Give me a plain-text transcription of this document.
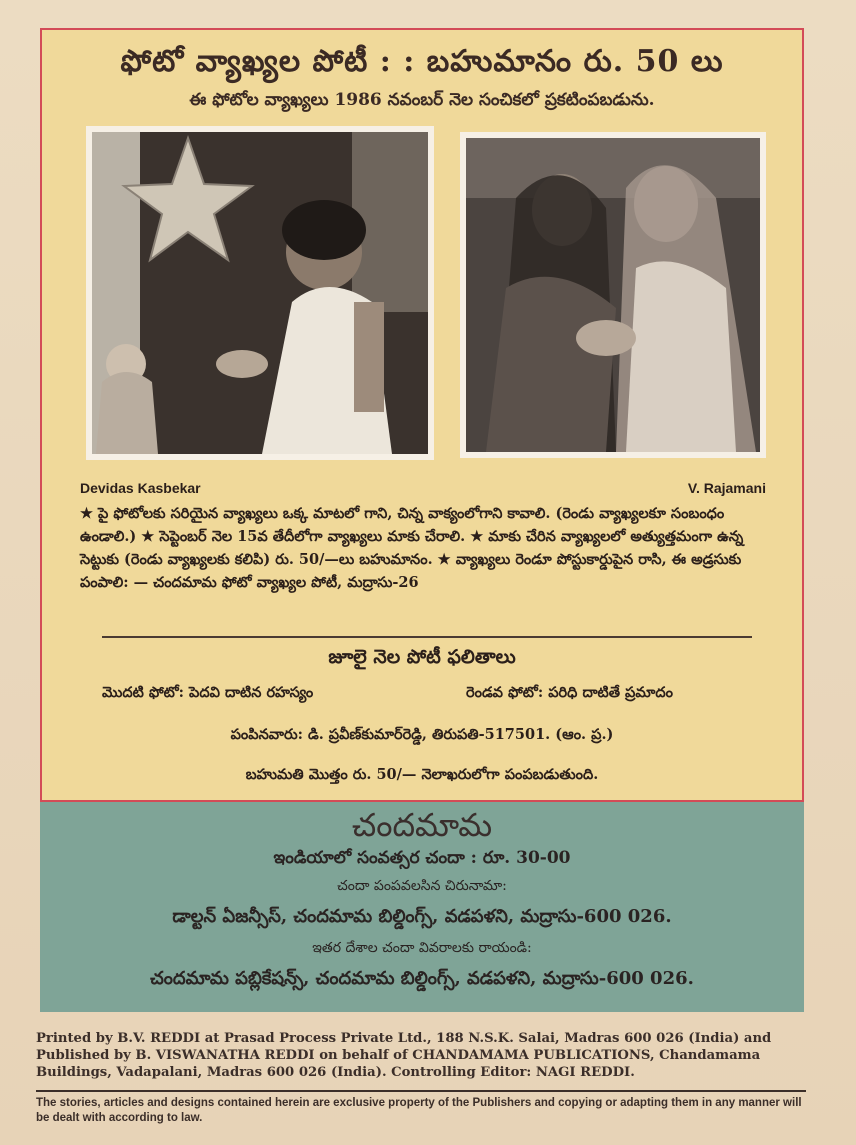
ఫోటో వ్యాఖ్యల పోటీ : : బహుమానం రు. 50 లు
ఈ ఫోటోల వ్యాఖ్యలు 1986 నవంబర్ నెల సంచికలో ప్రకటింపబడును.
Devidas Kasbekar	V. Rajamani
★ పై ఫోటోలకు సరియైన వ్యాఖ్యలు ఒక్క మాటలో గాని, చిన్న వాక్యంలోగాని కావాలి. (రెండు వ్యాఖ్యలకూ సంబంధం ఉండాలి.) ★ సెప్టెంబర్ నెల 15వ తేదీలోగా వ్యాఖ్యలు మాకు చేరాలి. ★ మాకు చేరిన వ్యాఖ్యలలో అత్యుత్తమంగా ఉన్న సెట్టుకు (రెండు వ్యాఖ్యలకు కలిపి) రు. 50/—లు బహుమానం. ★ వ్యాఖ్యలు రెండూ పోస్టుకార్డుపైన రాసి, ఈ అడ్రసుకు పంపాలి: — చందమామ ఫోటో వ్యాఖ్యల పోటీ, మద్రాసు-26
జూలై నెల పోటీ ఫలితాలు
మొదటి ఫోటో: పెదవి దాటిన రహస్యం	రెండవ ఫోటో: పరిధి దాటితే ప్రమాదం
పంపినవారు: డి. ప్రవీణ్‌కుమార్‌రెడ్డి, తిరుపతి-517501. (ఆం. ప్ర.)
బహుమతి మొత్తం రు. 50/— నెలాఖరులోగా పంపబడుతుంది.
చందమామ
ఇండియాలో సంవత్సర చందా : రూ. 30-00
చందా పంపవలసిన చిరునామా:
డాల్టన్ ఏజన్సీస్, చందమామ బిల్డింగ్స్, వడపళని, మద్రాసు-600 026.
ఇతర దేశాల చందా వివరాలకు రాయండి:
చందమామ పబ్లికేషన్స్, చందమామ బిల్డింగ్స్, వడపళని, మద్రాసు-600 026.
Printed by B.V. REDDI at Prasad Process Private Ltd., 188 N.S.K. Salai, Madras 600 026 (India) and Published by B. VISWANATHA REDDI on behalf of CHANDAMAMA PUBLICATIONS, Chandamama Buildings, Vadapalani, Madras 600 026 (India). Controlling Editor: NAGI REDDI.
The stories, articles and designs contained herein are exclusive property of the Publishers and copying or adapting them in any manner will be dealt with according to law.
